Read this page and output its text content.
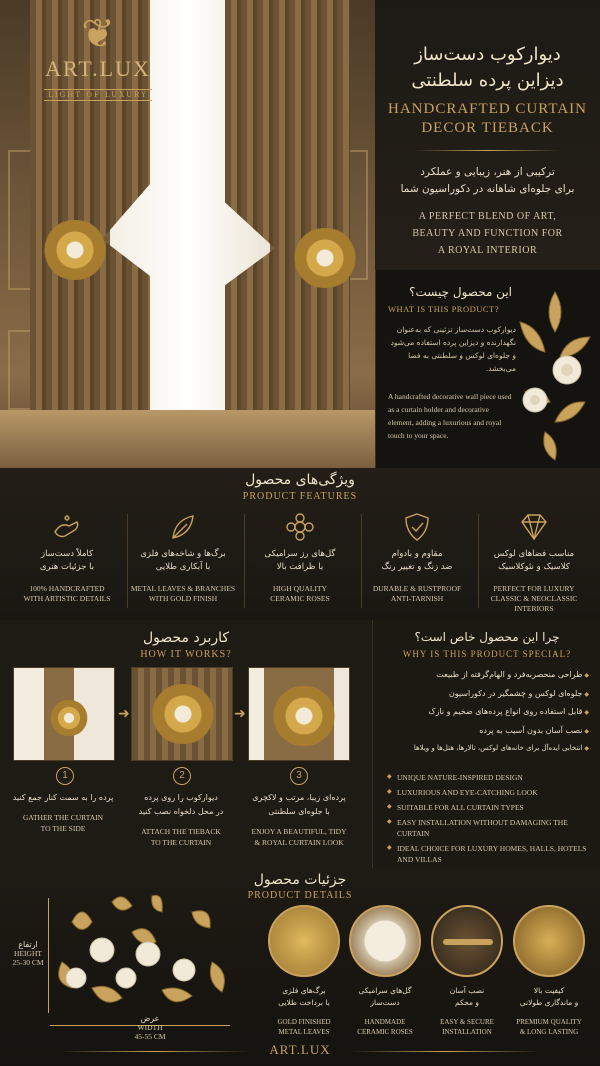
❦
ART.LUX
LIGHT OF LUXURY
دیوارکوب دست‌ساز
دیزاین پرده سلطنتی
HANDCRAFTED CURTAIN
DECOR TIEBACK
ترکیبی از هنر، زیبایی و عملکرد
برای جلوه‌ای شاهانه در دکوراسیون شما
A PERFECT BLEND OF ART,
BEAUTY AND FUNCTION FOR
A ROYAL INTERIOR
این محصول چیست؟
WHAT IS THIS PRODUCT?
دیوارکوب دست‌ساز تزئینی که به‌عنوان نگهدارنده و دیزاین پرده استفاده می‌شود و جلوه‌ای لوکس و سلطنتی به فضا می‌بخشد.
A handcrafted decorative wall piece used as a curtain holder and decorative element, adding a luxurious and royal touch to your space.
ویژگی‌های محصول
PRODUCT FEATURES
کاملاً دست‌ساز
با جزئیات هنری
100% HANDCRAFTED
WITH ARTISTIC DETAILS
برگ‌ها و شاخه‌های فلزی
با آبکاری طلایی
METAL LEAVES & BRANCHES
WITH GOLD FINISH
گل‌های رز سرامیکی
با ظرافت بالا
HIGH QUALITY
CERAMIC ROSES
مقاوم و بادوام
ضد زنگ و تغییر رنگ
DURABLE & RUSTPROOF
ANTI-TARNISH
مناسب فضاهای لوکس
کلاسیک و نئوکلاسیک
PERFECT FOR LUXURY
CLASSIC & NEOCLASSIC
INTERIORS
کاربرد محصول
HOW IT WORKS?
➜	➜
1	2	3
پرده را به سمت کنار جمع کنید	دیوارکوب را روی پرده
در محل دلخواه نصب کنید
پرده‌ای زیبا، مرتب و لاکچری
با جلوه‌ای سلطنتی
GATHER THE CURTAIN
TO THE SIDE	ATTACH THE TIEBACK
TO THE CURTAIN
ENJOY A BEAUTIFUL, TIDY
& ROYAL CURTAIN LOOK
چرا این محصول خاص است؟
WHY IS THIS PRODUCT SPECIAL?
◆ طراحی منحصربه‌فرد و الهام‌گرفته از طبیعت
◆ جلوه‌ای لوکس و چشمگیر در دکوراسیون
◆ قابل استفاده روی انواع پرده‌های ضخیم و نازک
◆ نصب آسان بدون آسیب به پرده
◆ انتخابی ایده‌آل برای خانه‌های لوکس، تالارها، هتل‌ها و ویلاها
◆ UNIQUE NATURE-INSPIRED DESIGN
◆ LUXURIOUS AND EYE-CATCHING LOOK
◆ SUITABLE FOR ALL CURTAIN TYPES
◆ EASY INSTALLATION WITHOUT DAMAGING THE CURTAIN
◆ IDEAL CHOICE FOR LUXURY HOMES, HALLS, HOTELS AND VILLAS
جزئیات محصول
PRODUCT DETAILS
ارتفاع
HEIGHT
25-30 CM
عرض
WIDTH
45-55 CM
برگ‌های فلزی
با برداخت طلایی
گل‌های سرامیکی
دست‌ساز
نصب آسان
و محکم
کیفیت بالا
و ماندگاری طولانی
GOLD FINISHED
METAL LEAVES
HANDMADE
CERAMIC ROSES
EASY & SECURE
INSTALLATION
PREMIUM QUALITY
& LONG LASTING
ART.LUX
